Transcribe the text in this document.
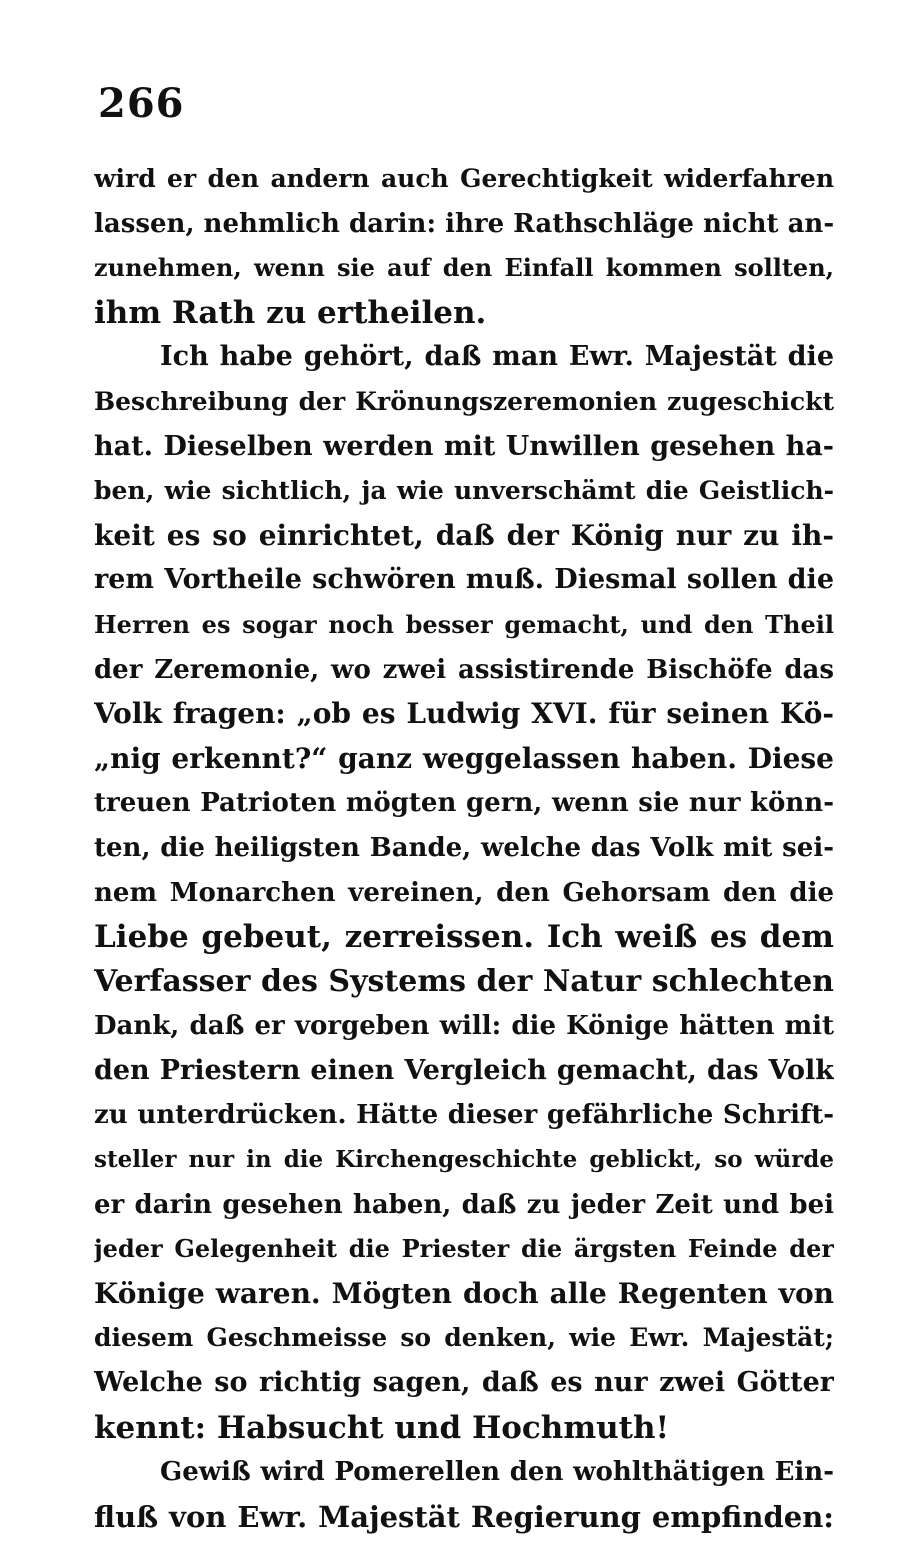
266
wird er den andern auch Gerechtigkeit widerfahren
lassen, nehmlich darin: ihre Rathschläge nicht an-
zunehmen, wenn sie auf den Einfall kommen sollten,
ihm Rath zu ertheilen.
Ich habe gehört, daß man Ewr. Majestät die
Beschreibung der Krönungszeremonien zugeschickt
hat. Dieselben werden mit Unwillen gesehen ha-
ben, wie sichtlich, ja wie unverschämt die Geistlich-
keit es so einrichtet, daß der König nur zu ih-
rem Vortheile schwören muß. Diesmal sollen die
Herren es sogar noch besser gemacht, und den Theil
der Zeremonie, wo zwei assistirende Bischöfe das
Volk fragen: „ob es Ludwig XVI. für seinen Kö-
„nig erkennt?“ ganz weggelassen haben. Diese
treuen Patrioten mögten gern, wenn sie nur könn-
ten, die heiligsten Bande, welche das Volk mit sei-
nem Monarchen vereinen, den Gehorsam den die
Liebe gebeut, zerreissen. Ich weiß es dem
Verfasser des Systems der Natur schlechten
Dank, daß er vorgeben will: die Könige hätten mit
den Priestern einen Vergleich gemacht, das Volk
zu unterdrücken. Hätte dieser gefährliche Schrift-
steller nur in die Kirchengeschichte geblickt, so würde
er darin gesehen haben, daß zu jeder Zeit und bei
jeder Gelegenheit die Priester die ärgsten Feinde der
Könige waren. Mögten doch alle Regenten von
diesem Geschmeisse so denken, wie Ewr. Majestät;
Welche so richtig sagen, daß es nur zwei Götter
kennt: Habsucht und Hochmuth!
Gewiß wird Pomerellen den wohlthätigen Ein-
fluß von Ewr. Majestät Regierung empfinden:
